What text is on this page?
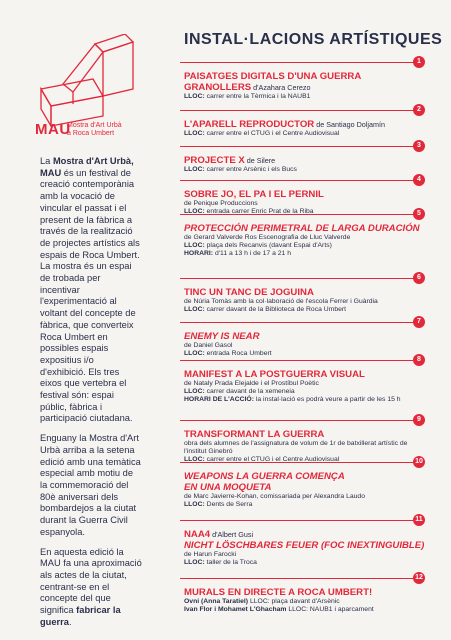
MAU
Mostra d'Art Urbà
a Roca Umbert

La Mostra d'Art Urbà, MAU és un festival de creació contemporània amb la vocació de vincular el passat i el present de la fàbrica a través de la realització de projectes artístics als espais de Roca Umbert. La mostra és un espai de trobada per incentivar l'experimentació al voltant del concepte de fàbrica, que converteix Roca Umbert en possibles espais expositius i/o d'exhibició. Els tres eixos que vertebra el festival són: espai públic, fàbrica i participació ciutadana.

Enguany la Mostra d'Art Urbà arriba a la setena edició amb una temàtica especial amb motiu de la commemoració del 80è aniversari dels bombardejos a la ciutat durant la Guerra Civil espanyola.

En aquesta edició la MAU fa una aproximació als actes de la ciutat, centrant-se en el concepte del que significa fabricar la guerra.

INSTAL·LACIONS ARTÍSTIQUES
1
PAISATGES DIGITALS D'UNA GUERRA
GRANOLLERS d'Azahara Cerezo
LLOC: carrer entre la Tèrmica i la NAUB1
2
L'APARELL REPRODUCTOR de Santiago Doljamín
LLOC: carrer entre el CTUG i el Centre Audiovisual
3
PROJECTE X de Silere
LLOC: carrer entre Arsènic i els Bucs
4
SOBRE JO, EL PA I EL PERNIL
de Penique Produccions
LLOC: entrada carrer Enric Prat de la Riba	5
PROTECCIÓN PERIMETRAL DE LARGA DURACIÓN
de Gerard Valverde Ros Escenografia de Lluc Valverde
LLOC: plaça dels Recanvis (davant Espai d'Arts)
HORARI: d'11 a 13 h i de 17 a 21 h
6
TINC UN TANC DE JOGUINA
de Núria Tomàs amb la col·laboració de l'escola Ferrer i Guàrdia
LLOC: carrer davant de la Biblioteca de Roca Umbert
7
ENEMY IS NEAR
de Daniel Gasol
LLOC: entrada Roca Umbert
8
MANIFEST A LA POSTGUERRA VISUAL
de Nataly Prada Elejalde i el Prostíbul Poètic
LLOC: carrer davant de la xemeneia
HORARI DE L'ACCIÓ: la instal·lació es podrà veure a partir de les 15 h
9
TRANSFORMANT LA GUERRA
obra dels alumnes de l'assignatura de volum de 1r de batxillerat artístic de l'institut Ginebró
LLOC: carrer entre el CTUG i el Centre Audiovisual	10
WEAPONS LA GUERRA COMENÇA
EN UNA MOQUETA
de Marc Javierre-Kohan, comissariada per Alexandra Laudo
LLOC: Dents de Serra
11
NAA4 d'Albert Gusi
NICHT LÖSCHBARES FEUER (FOC INEXTINGUIBLE)
de Harun Farocki
LLOC: taller de la Troca
12
MURALS EN DIRECTE A ROCA UMBERT!
Ovni (Anna Taratiel) LLOC: plaça davant d'Arsènic
Ivan Flor i Mohamet L'Ghacham LLOC: NAUB1 i aparcament
